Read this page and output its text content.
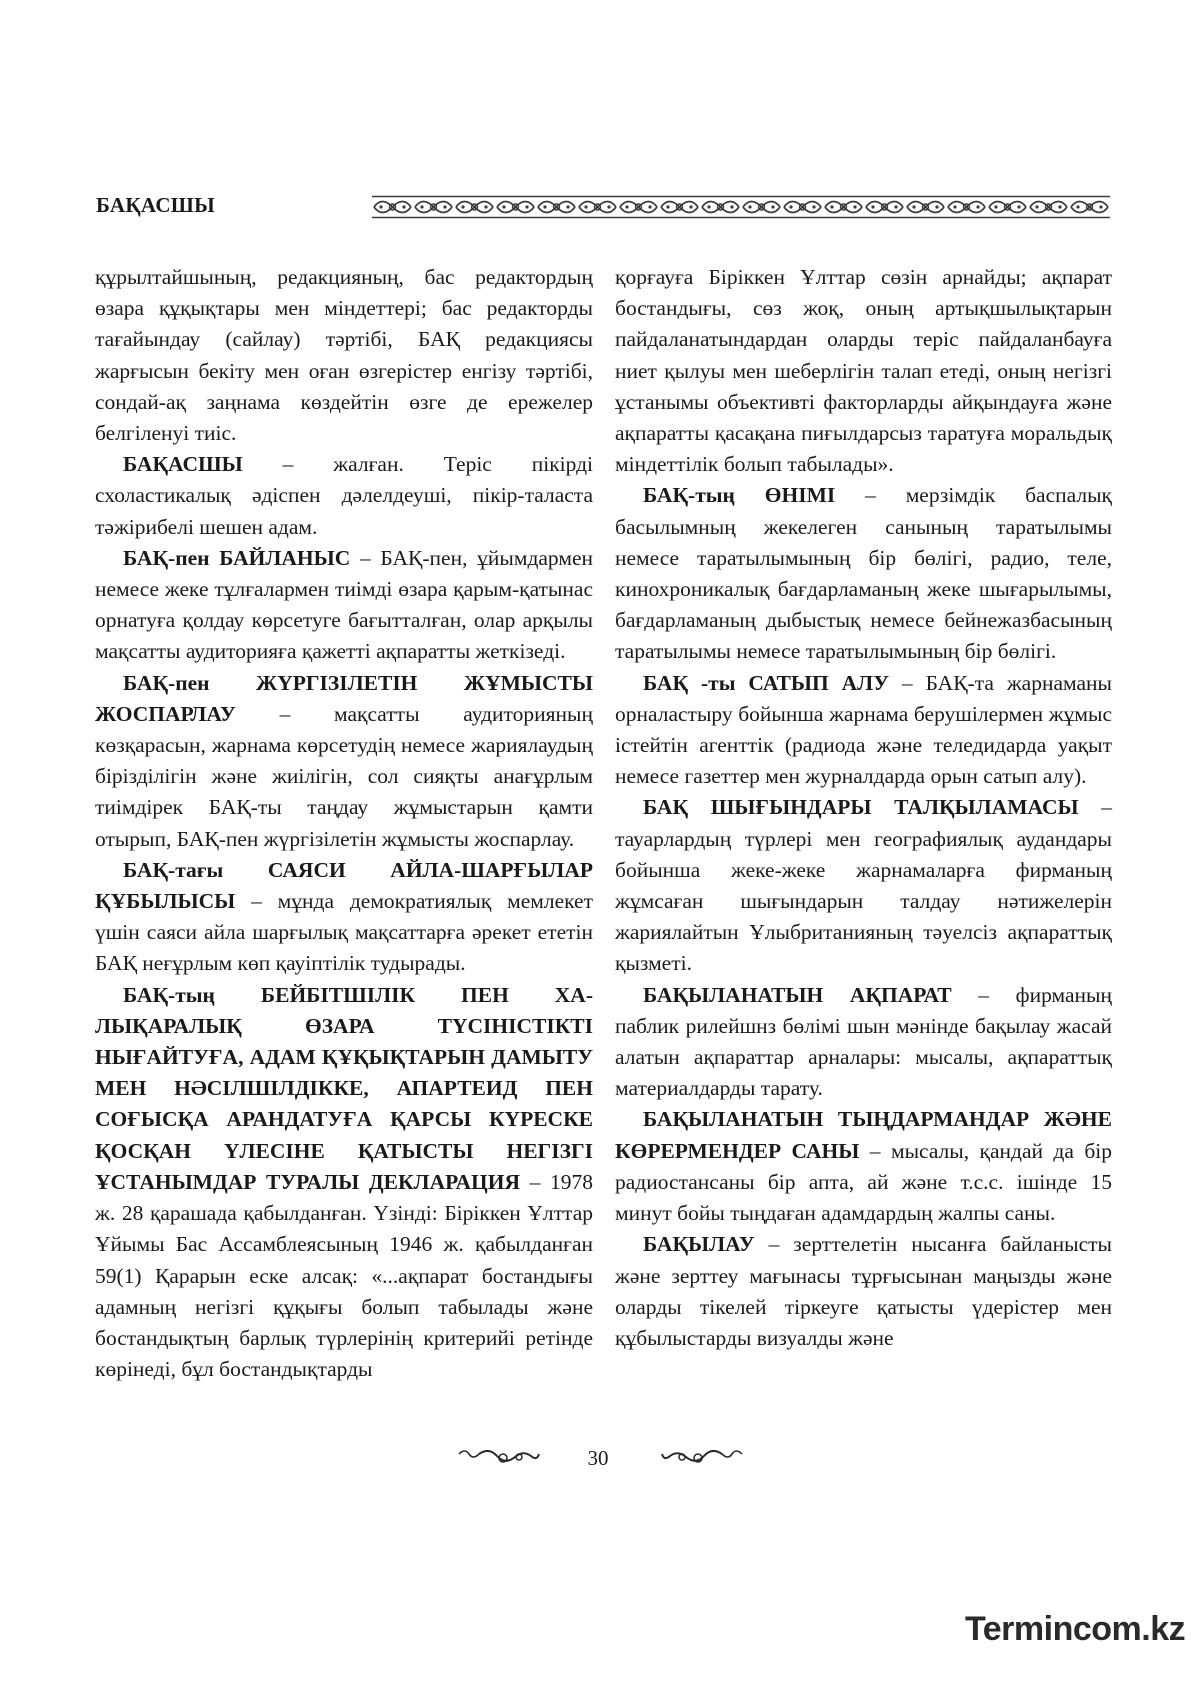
БАҚАСШЫ

құрылтайшының, редакцияның, бас редактордың өзара құқықтары мен міндеттері; бас редакторды тағайындау (сайлау) тәртібі, БАҚ редакциясы жарғысын бекіту мен оған өзгерістер енгізу тәртібі, сондай-ақ заңнама көздейтін өзге де ережелер белгіленуі тиіс.

БАҚАСШЫ – жалған. Теріс пікірді схоластикалық әдіспен дәлелдеуші, пікір-таласта тәжірибелі шешен адам.

БАҚ-пен БАЙЛАНЫС – БАҚ-пен, ұйымдармен немесе жеке тұлғалармен тиімді өзара қарым-қатынас орнатуға қолдау көрсетуге бағытталған, олар арқылы мақсатты аудиторияға қажетті ақпаратты жеткізеді.

БАҚ-пен ЖҮРГІЗІЛЕТІН ЖҰМЫСТЫ ЖОСПАРЛАУ – мақсатты аудиторияның көзқарасын, жарнама көрсетудің немесе жариялаудың бірізділігін және жиілігін, сол сияқты анағұрлым тиімдірек БАҚ-ты таңдау жұмыстарын қамти отырып, БАҚ-пен жүргізілетін жұмысты жоспарлау.

БАҚ-тағы САЯСИ АЙЛА-ШАРҒЫЛАР ҚҰБЫЛЫСЫ – мұнда демократиялық мемлекет үшін саяси айла шарғылық мақсаттарға әрекет ететін БАҚ неғұрлым көп қауіптілік тудырады.

БАҚ-тың БЕЙБІТШІЛІК ПЕН ХАЛЫҚАРАЛЫҚ ӨЗАРА ТҮСІНІСТІКТІ НЫҒАЙТУҒА, АДАМ ҚҰҚЫҚТАРЫН ДАМЫТУ МЕН НӘСІЛШІЛДІККЕ, АПАРТЕИД ПЕН СОҒЫСҚА АРАНДАТУҒА ҚАРСЫ КҮРЕСКЕ ҚОСҚАН ҮЛЕСІНЕ ҚАТЫСТЫ НЕГІЗГІ ҰСТАНЫМДАР ТУРАЛЫ ДЕКЛАРАЦИЯ – 1978 ж. 28 қарашада қабылданған. Үзінді: Біріккен Ұлттар Ұйымы Бас Ассамблеясының 1946 ж. қабылданған 59(1) Қарарын еске алсақ: «...ақпарат бостандығы адамның негізгі құқығы болып табылады және бостандықтың барлық түрлерінің критерийі ретінде көрінеді, бұл бостандықтарды

қорғауға Біріккен Ұлттар сөзін арнайды; ақпарат бостандығы, сөз жоқ, оның артықшылықтарын пайдаланатындардан оларды теріс пайдаланбауға ниет қылуы мен шеберлігін талап етеді, оның негізгі ұстанымы объективті факторларды айқындауға және ақпаратты қасақана пиғылдарсыз таратуға моральдық міндеттілік болып табылады».

БАҚ-тың ӨНІМІ – мерзімдік баспалық басылымның жекелеген санының таратылымы немесе таратылымының бір бөлігі, радио, теле, кинохроникалық бағдарламаның жеке шығарылымы, бағдарламаның дыбыстық немесе бейнежазбасының таратылымы немесе таратылымының бір бөлігі.

БАҚ -ты САТЫП АЛУ – БАҚ-та жарнаманы орналастыру бойынша жарнама берушілермен жұмыс істейтін агенттік (радиода және теледидарда уақыт немесе газеттер мен журналдарда орын сатып алу).

БАҚ ШЫҒЫНДАРЫ ТАЛҚЫЛАМАСЫ – тауарлардың түрлері мен географиялық аудандары бойынша жеке-жеке жарнамаларға фирманың жұмсаған шығындарын талдау нәтижелерін жариялайтын Ұлыбританияның тәуелсіз ақпараттық қызметі.

БАҚЫЛАНАТЫН АҚПАРАТ – фирманың паблик рилейшнз бөлімі шын мәнінде бақылау жасай алатын ақпараттар арналары: мысалы, ақпараттық материалдарды тарату.

БАҚЫЛАНАТЫН ТЫҢДАРМАНДАР ЖӘНЕ КӨРЕРМЕНДЕР САНЫ – мысалы, қандай да бір радиостансаны бір апта, ай және т.с.с. ішінде 15 минут бойы тыңдаған адамдардың жалпы саны.

БАҚЫЛАУ – зерттелетін нысанға байланысты және зерттеу мағынасы тұрғысынан маңызды және оларды тікелей тіркеуге қатысты үдерістер мен құбылыстарды визуалды және

30
Termincom.kz
